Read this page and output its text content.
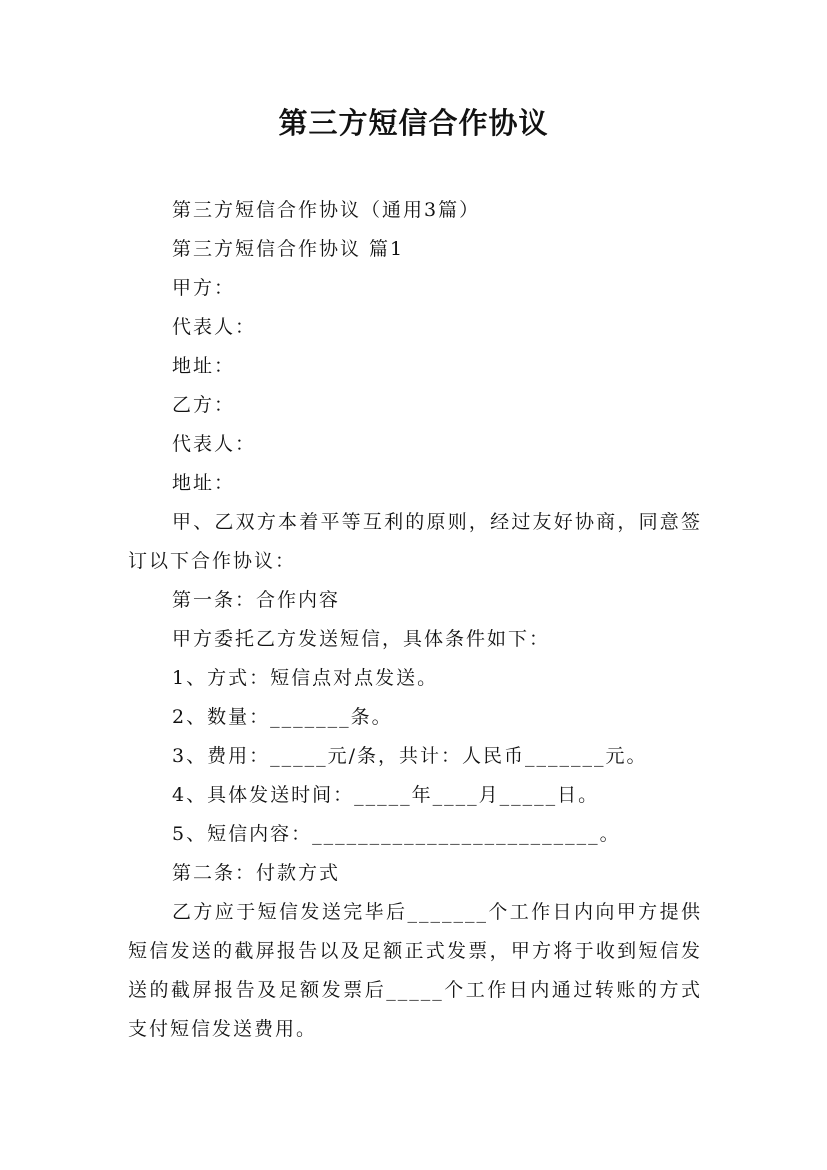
第三方短信合作协议

第三方短信合作协议（通用3篇）

第三方短信合作协议 篇1

甲方：

代表人：

地址：

乙方：

代表人：

地址：

甲、乙双方本着平等互利的原则，经过友好协商，同意签订以下合作协议：

第一条：合作内容

甲方委托乙方发送短信，具体条件如下：

1、方式：短信点对点发送。

2、数量：_______条。

3、费用：_____元/条，共计：人民币_______元。

4、具体发送时间：_____年____月_____日。

5、短信内容：_________________________。

第二条：付款方式

乙方应于短信发送完毕后_______个工作日内向甲方提供短信发送的截屏报告以及足额正式发票，甲方将于收到短信发送的截屏报告及足额发票后_____个工作日内通过转账的方式支付短信发送费用。
